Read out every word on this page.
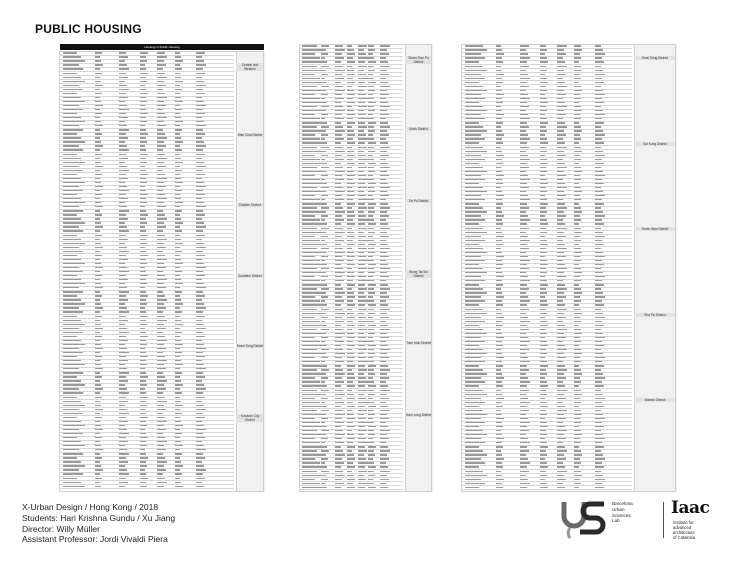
PUBLIC HOUSING
Housing of Public Housing
Central and Western
Wan Chai District
Eastern District
Southern District
Kwun Tong District
Kowloon City District
Sham Shui Po District
North District
Tai Po District
Wong Tai Sin District
Tuen Mun District
Yuen Long District
Kwai Tsing District
Sai Kung District
Tsuen Wan District
Sha Tin District
Islands District
X-Urban Design / Hong Kong / 2018
Students: Hari Krishna Gundu / Xu Jiang
Director: Willy Müller
Assistant Professor: Jordi Vivaldi Piera
Barcelona
Urban
Sciences
Lab
Iaac
Institute for
advanced
architecture
of Catalonia
